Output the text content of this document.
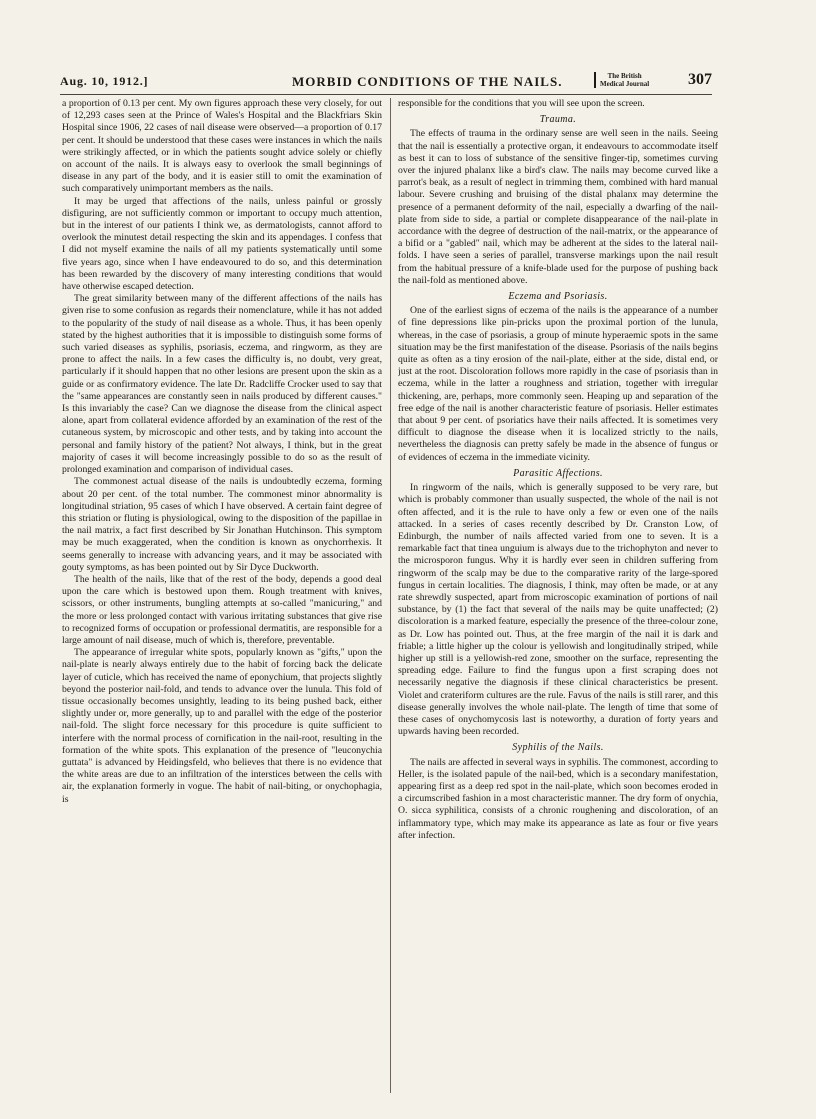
Aug. 10, 1912.]	MORBID CONDITIONS OF THE NAILS.	The British
Medical Journal 307

a proportion of 0.13 per cent. My own figures approach these very closely, for out of 12,293 cases seen at the Prince of Wales's Hospital and the Blackfriars Skin Hospital since 1906, 22 cases of nail disease were observed—a proportion of 0.17 per cent. It should be understood that these cases were instances in which the nails were strikingly affected, or in which the patients sought advice solely or chiefly on account of the nails. It is always easy to overlook the small beginnings of disease in any part of the body, and it is easier still to omit the examination of such comparatively unimportant members as the nails.

It may be urged that affections of the nails, unless painful or grossly disfiguring, are not sufficiently common or important to occupy much attention, but in the interest of our patients I think we, as dermatologists, cannot afford to overlook the minutest detail respecting the skin and its appendages. I confess that I did not myself examine the nails of all my patients systematically until some five years ago, since when I have endeavoured to do so, and this determination has been rewarded by the discovery of many interesting conditions that would have otherwise escaped detection.

The great similarity between many of the different affections of the nails has given rise to some confusion as regards their nomenclature, while it has not added to the popularity of the study of nail disease as a whole. Thus, it has been openly stated by the highest authorities that it is impossible to distinguish some forms of such varied diseases as syphilis, psoriasis, eczema, and ringworm, as they are prone to affect the nails. In a few cases the difficulty is, no doubt, very great, particularly if it should happen that no other lesions are present upon the skin as a guide or as confirmatory evidence. The late Dr. Radcliffe Crocker used to say that the "same appearances are constantly seen in nails produced by different causes." Is this invariably the case? Can we diagnose the disease from the clinical aspect alone, apart from collateral evidence afforded by an examination of the rest of the cutaneous system, by microscopic and other tests, and by taking into account the personal and family history of the patient? Not always, I think, but in the great majority of cases it will become increasingly possible to do so as the result of prolonged examination and comparison of individual cases.

The commonest actual disease of the nails is undoubtedly eczema, forming about 20 per cent. of the total number. The commonest minor abnormality is longitudinal striation, 95 cases of which I have observed. A certain faint degree of this striation or fluting is physiological, owing to the disposition of the papillae in the nail matrix, a fact first described by Sir Jonathan Hutchinson. This symptom may be much exaggerated, when the condition is known as onychorrhexis. It seems generally to increase with advancing years, and it may be associated with gouty symptoms, as has been pointed out by Sir Dyce Duckworth.

The health of the nails, like that of the rest of the body, depends a good deal upon the care which is bestowed upon them. Rough treatment with knives, scissors, or other instruments, bungling attempts at so-called "manicuring," and the more or less prolonged contact with various irritating substances that give rise to recognized forms of occupation or professional dermatitis, are responsible for a large amount of nail disease, much of which is, therefore, preventable.

The appearance of irregular white spots, popularly known as "gifts," upon the nail-plate is nearly always entirely due to the habit of forcing back the delicate layer of cuticle, which has received the name of eponychium, that projects slightly beyond the posterior nail-fold, and tends to advance over the lunula. This fold of tissue occasionally becomes unsightly, leading to its being pushed back, either slightly under or, more generally, up to and parallel with the edge of the posterior nail-fold. The slight force necessary for this procedure is quite sufficient to interfere with the normal process of cornification in the nail-root, resulting in the formation of the white spots. This explanation of the presence of "leuconychia guttata" is advanced by Heidingsfeld, who believes that there is no evidence that the white areas are due to an infiltration of the interstices between the cells with air, the explanation formerly in vogue. The habit of nail-biting, or onychophagia, is

responsible for the conditions that you will see upon the screen.

Trauma.

The effects of trauma in the ordinary sense are well seen in the nails. Seeing that the nail is essentially a protective organ, it endeavours to accommodate itself as best it can to loss of substance of the sensitive finger-tip, sometimes curving over the injured phalanx like a bird's claw. The nails may become curved like a parrot's beak, as a result of neglect in trimming them, combined with hard manual labour. Severe crushing and bruising of the distal phalanx may determine the presence of a permanent deformity of the nail, especially a dwarfing of the nail-plate from side to side, a partial or complete disappearance of the nail-plate in accordance with the degree of destruction of the nail-matrix, or the appearance of a bifid or a "gabled" nail, which may be adherent at the sides to the lateral nail-folds. I have seen a series of parallel, transverse markings upon the nail result from the habitual pressure of a knife-blade used for the purpose of pushing back the nail-fold as mentioned above.

Eczema and Psoriasis.

One of the earliest signs of eczema of the nails is the appearance of a number of fine depressions like pin-pricks upon the proximal portion of the lunula, whereas, in the case of psoriasis, a group of minute hyperaemic spots in the same situation may be the first manifestation of the disease. Psoriasis of the nails begins quite as often as a tiny erosion of the nail-plate, either at the side, distal end, or just at the root. Discoloration follows more rapidly in the case of psoriasis than in eczema, while in the latter a roughness and striation, together with irregular thickening, are, perhaps, more commonly seen. Heaping up and separation of the free edge of the nail is another characteristic feature of psoriasis. Heller estimates that about 9 per cent. of psoriatics have their nails affected. It is sometimes very difficult to diagnose the disease when it is localized strictly to the nails, nevertheless the diagnosis can pretty safely be made in the absence of fungus or of evidences of eczema in the immediate vicinity.

Parasitic Affections.

In ringworm of the nails, which is generally supposed to be very rare, but which is probably commoner than usually suspected, the whole of the nail is not often affected, and it is the rule to have only a few or even one of the nails attacked. In a series of cases recently described by Dr. Cranston Low, of Edinburgh, the number of nails affected varied from one to seven. It is a remarkable fact that tinea unguium is always due to the trichophyton and never to the microsporon fungus. Why it is hardly ever seen in children suffering from ringworm of the scalp may be due to the comparative rarity of the large-spored fungus in certain localities. The diagnosis, I think, may often be made, or at any rate shrewdly suspected, apart from microscopic examination of portions of nail substance, by (1) the fact that several of the nails may be quite unaffected; (2) discoloration is a marked feature, especially the presence of the three-colour zone, as Dr. Low has pointed out. Thus, at the free margin of the nail it is dark and friable; a little higher up the colour is yellowish and longitudinally striped, while higher up still is a yellowish-red zone, smoother on the surface, representing the spreading edge. Failure to find the fungus upon a first scraping does not necessarily negative the diagnosis if these clinical characteristics be present. Violet and crateriform cultures are the rule. Favus of the nails is still rarer, and this disease generally involves the whole nail-plate. The length of time that some of these cases of onychomycosis last is noteworthy, a duration of forty years and upwards having been recorded.

Syphilis of the Nails.

The nails are affected in several ways in syphilis. The commonest, according to Heller, is the isolated papule of the nail-bed, which is a secondary manifestation, appearing first as a deep red spot in the nail-plate, which soon becomes eroded in a circumscribed fashion in a most characteristic manner. The dry form of onychia, O. sicca syphilitica, consists of a chronic roughening and discoloration, of an inflammatory type, which may make its appearance as late as four or five years after infection.
